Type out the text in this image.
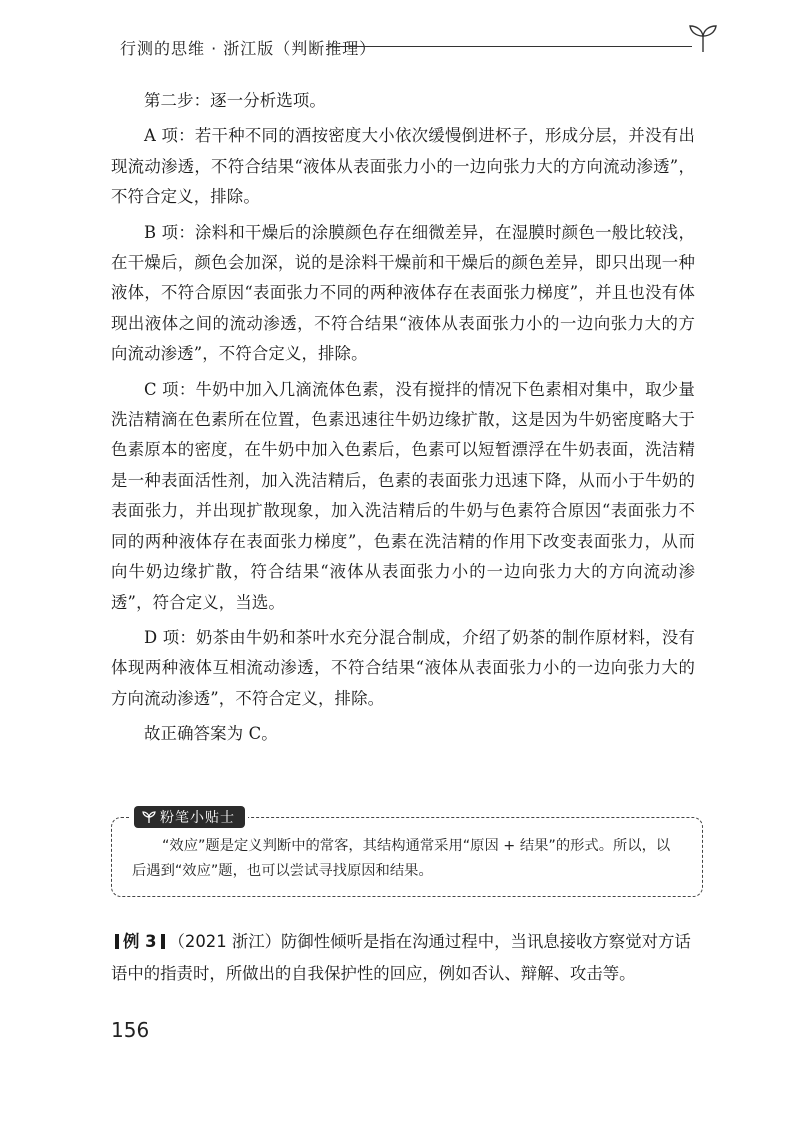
行测的思维 · 浙江版（判断推理）

第二步：逐一分析选项。

A 项：若干种不同的酒按密度大小依次缓慢倒进杯子，形成分层，并没有出现流动渗透，不符合结果“液体从表面张力小的一边向张力大的方向流动渗透”，不符合定义，排除。

B 项：涂料和干燥后的涂膜颜色存在细微差异，在湿膜时颜色一般比较浅，在干燥后，颜色会加深，说的是涂料干燥前和干燥后的颜色差异，即只出现一种液体，不符合原因“表面张力不同的两种液体存在表面张力梯度”，并且也没有体现出液体之间的流动渗透，不符合结果“液体从表面张力小的一边向张力大的方向流动渗透”，不符合定义，排除。

C 项：牛奶中加入几滴流体色素，没有搅拌的情况下色素相对集中，取少量洗洁精滴在色素所在位置，色素迅速往牛奶边缘扩散，这是因为牛奶密度略大于色素原本的密度，在牛奶中加入色素后，色素可以短暂漂浮在牛奶表面，洗洁精是一种表面活性剂，加入洗洁精后，色素的表面张力迅速下降，从而小于牛奶的表面张力，并出现扩散现象，加入洗洁精后的牛奶与色素符合原因“表面张力不同的两种液体存在表面张力梯度”，色素在洗洁精的作用下改变表面张力，从而向牛奶边缘扩散，符合结果“液体从表面张力小的一边向张力大的方向流动渗透”，符合定义，当选。

D 项：奶茶由牛奶和茶叶水充分混合制成，介绍了奶茶的制作原材料，没有体现两种液体互相流动渗透，不符合结果“液体从表面张力小的一边向张力大的方向流动渗透”，不符合定义，排除。

故正确答案为 C。

粉笔小贴士
“效应”题是定义判断中的常客，其结构通常采用“原因 + 结果”的形式。所以，以后遇到“效应”题，也可以尝试寻找原因和结果。
例 3 （2021 浙江）防御性倾听是指在沟通过程中，当讯息接收方察觉对方话语中的指责时，所做出的自我保护性的回应，例如否认、辩解、攻击等。
156
